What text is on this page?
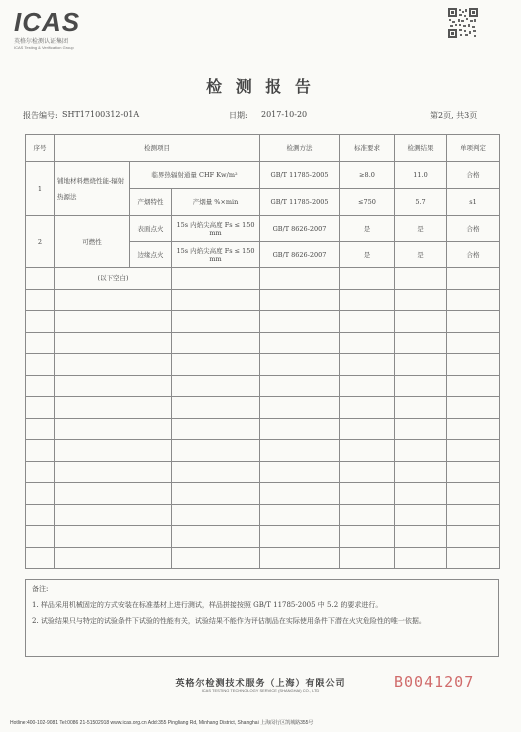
ICAS
英格尔检测认证集团
ICAS Testing & Verification Group
检 测 报 告
报告编号: SHT17100312-01A	日期: 2017-10-20	第2页, 共3页
序号	检测项目			检测方法	标准要求	检测结果	单项判定
1	铺地材料燃烧性能-辐射热源法	临界热辐射通量 CHF Kw/m²		GB/T 11785-2005	≥8.0	11.0	合格
		产烟特性	产烟量 %×min	GB/T 11785-2005	≤750	5.7	s1
2	可燃性	表面点火	15s 内焰尖高度 Fs ≤ 150 mm	GB/T 8626-2007	是	是	合格
		边缘点火	15s 内焰尖高度 Fs ≤ 150 mm	GB/T 8626-2007	是	是	合格
	(以下空白)						

备注:

1. 样品采用机械固定的方式安装在标准基材上进行测试，样品拼接按照 GB/T 11785-2005 中 5.2 的要求进行。

2. 试验结果只与特定的试验条件下试验的性能有关，试验结果不能作为评估制品在实际使用条件下潜在火灾危险性的唯一依据。

英格尔检测技术服务（上海）有限公司
ICAS TESTING TECHNOLOGY SERVICE (SHANGHAI) CO., LTD	B0041207
Hotline:400-102-9081 Tel:0086 21-51502918 www.icas.org.cn Add:355 Pingliang Rd, Minhang District, Shanghai 上海闵行区凯城路355号
